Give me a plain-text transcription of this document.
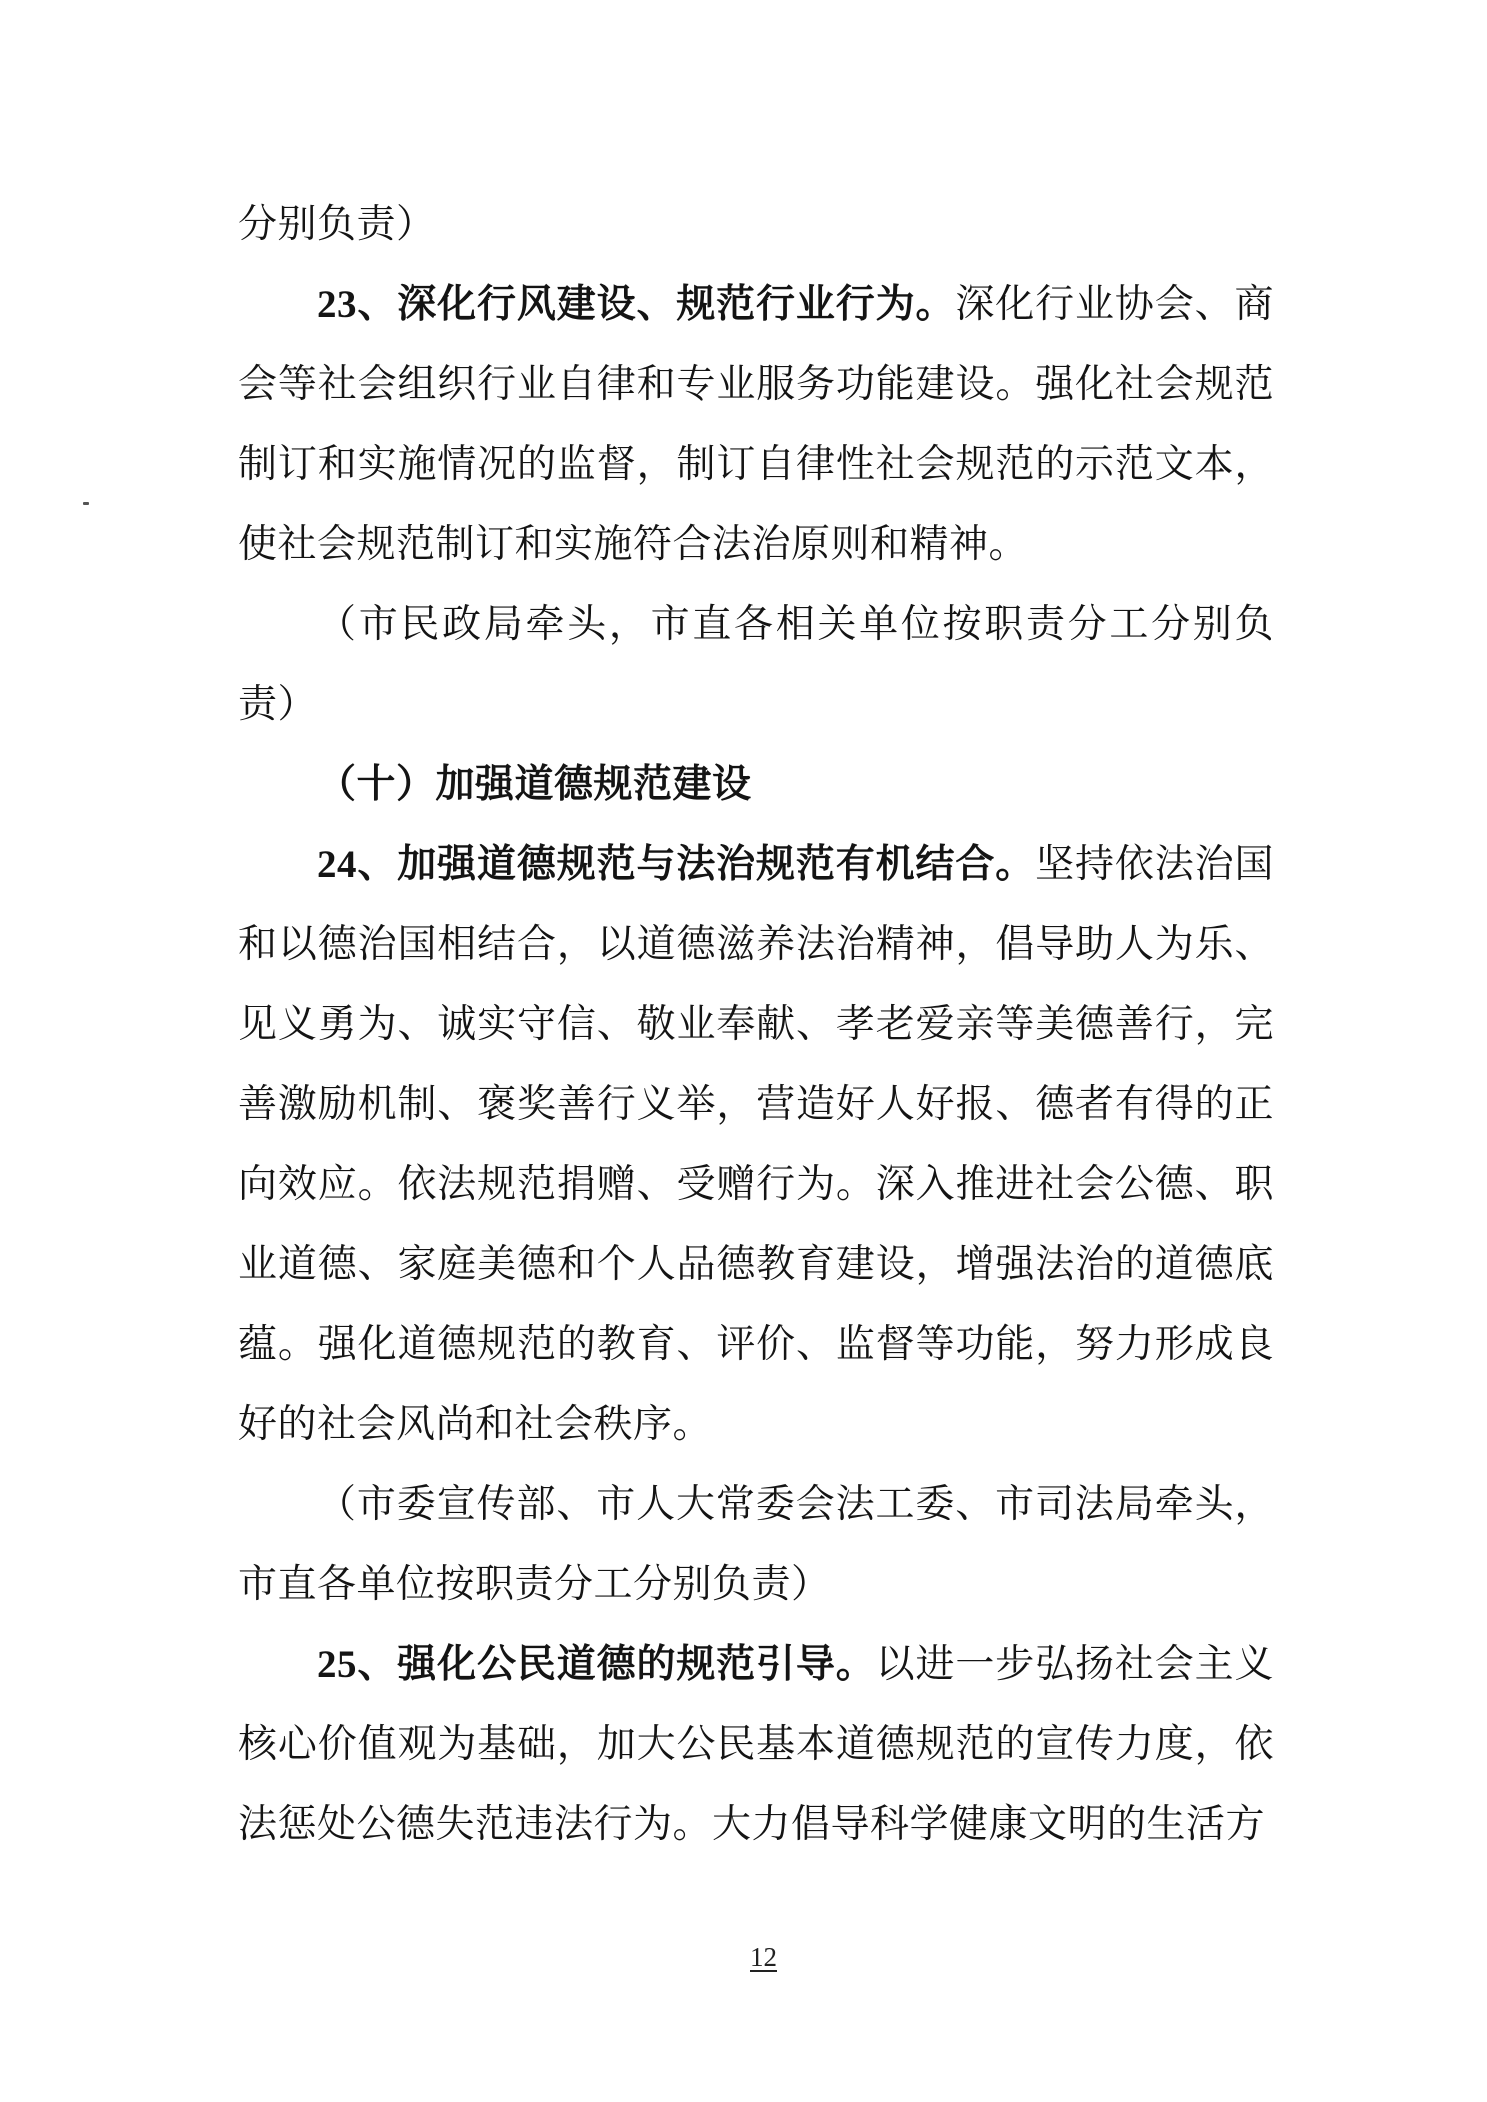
分别负责）

23、深化行风建设、规范行业行为。深化行业协会、商会等社会组织行业自律和专业服务功能建设。强化社会规范制订和实施情况的监督，制订自律性社会规范的示范文本，使社会规范制订和实施符合法治原则和精神。

（市民政局牵头，市直各相关单位按职责分工分别负责）

（十）加强道德规范建设

24、加强道德规范与法治规范有机结合。坚持依法治国和以德治国相结合，以道德滋养法治精神，倡导助人为乐、见义勇为、诚实守信、敬业奉献、孝老爱亲等美德善行，完善激励机制、褒奖善行义举，营造好人好报、德者有得的正向效应。依法规范捐赠、受赠行为。深入推进社会公德、职业道德、家庭美德和个人品德教育建设，增强法治的道德底蕴。强化道德规范的教育、评价、监督等功能，努力形成良好的社会风尚和社会秩序。

（市委宣传部、市人大常委会法工委、市司法局牵头，市直各单位按职责分工分别负责）

25、强化公民道德的规范引导。以进一步弘扬社会主义核心价值观为基础，加大公民基本道德规范的宣传力度，依法惩处公德失范违法行为。大力倡导科学健康文明的生活方

12
